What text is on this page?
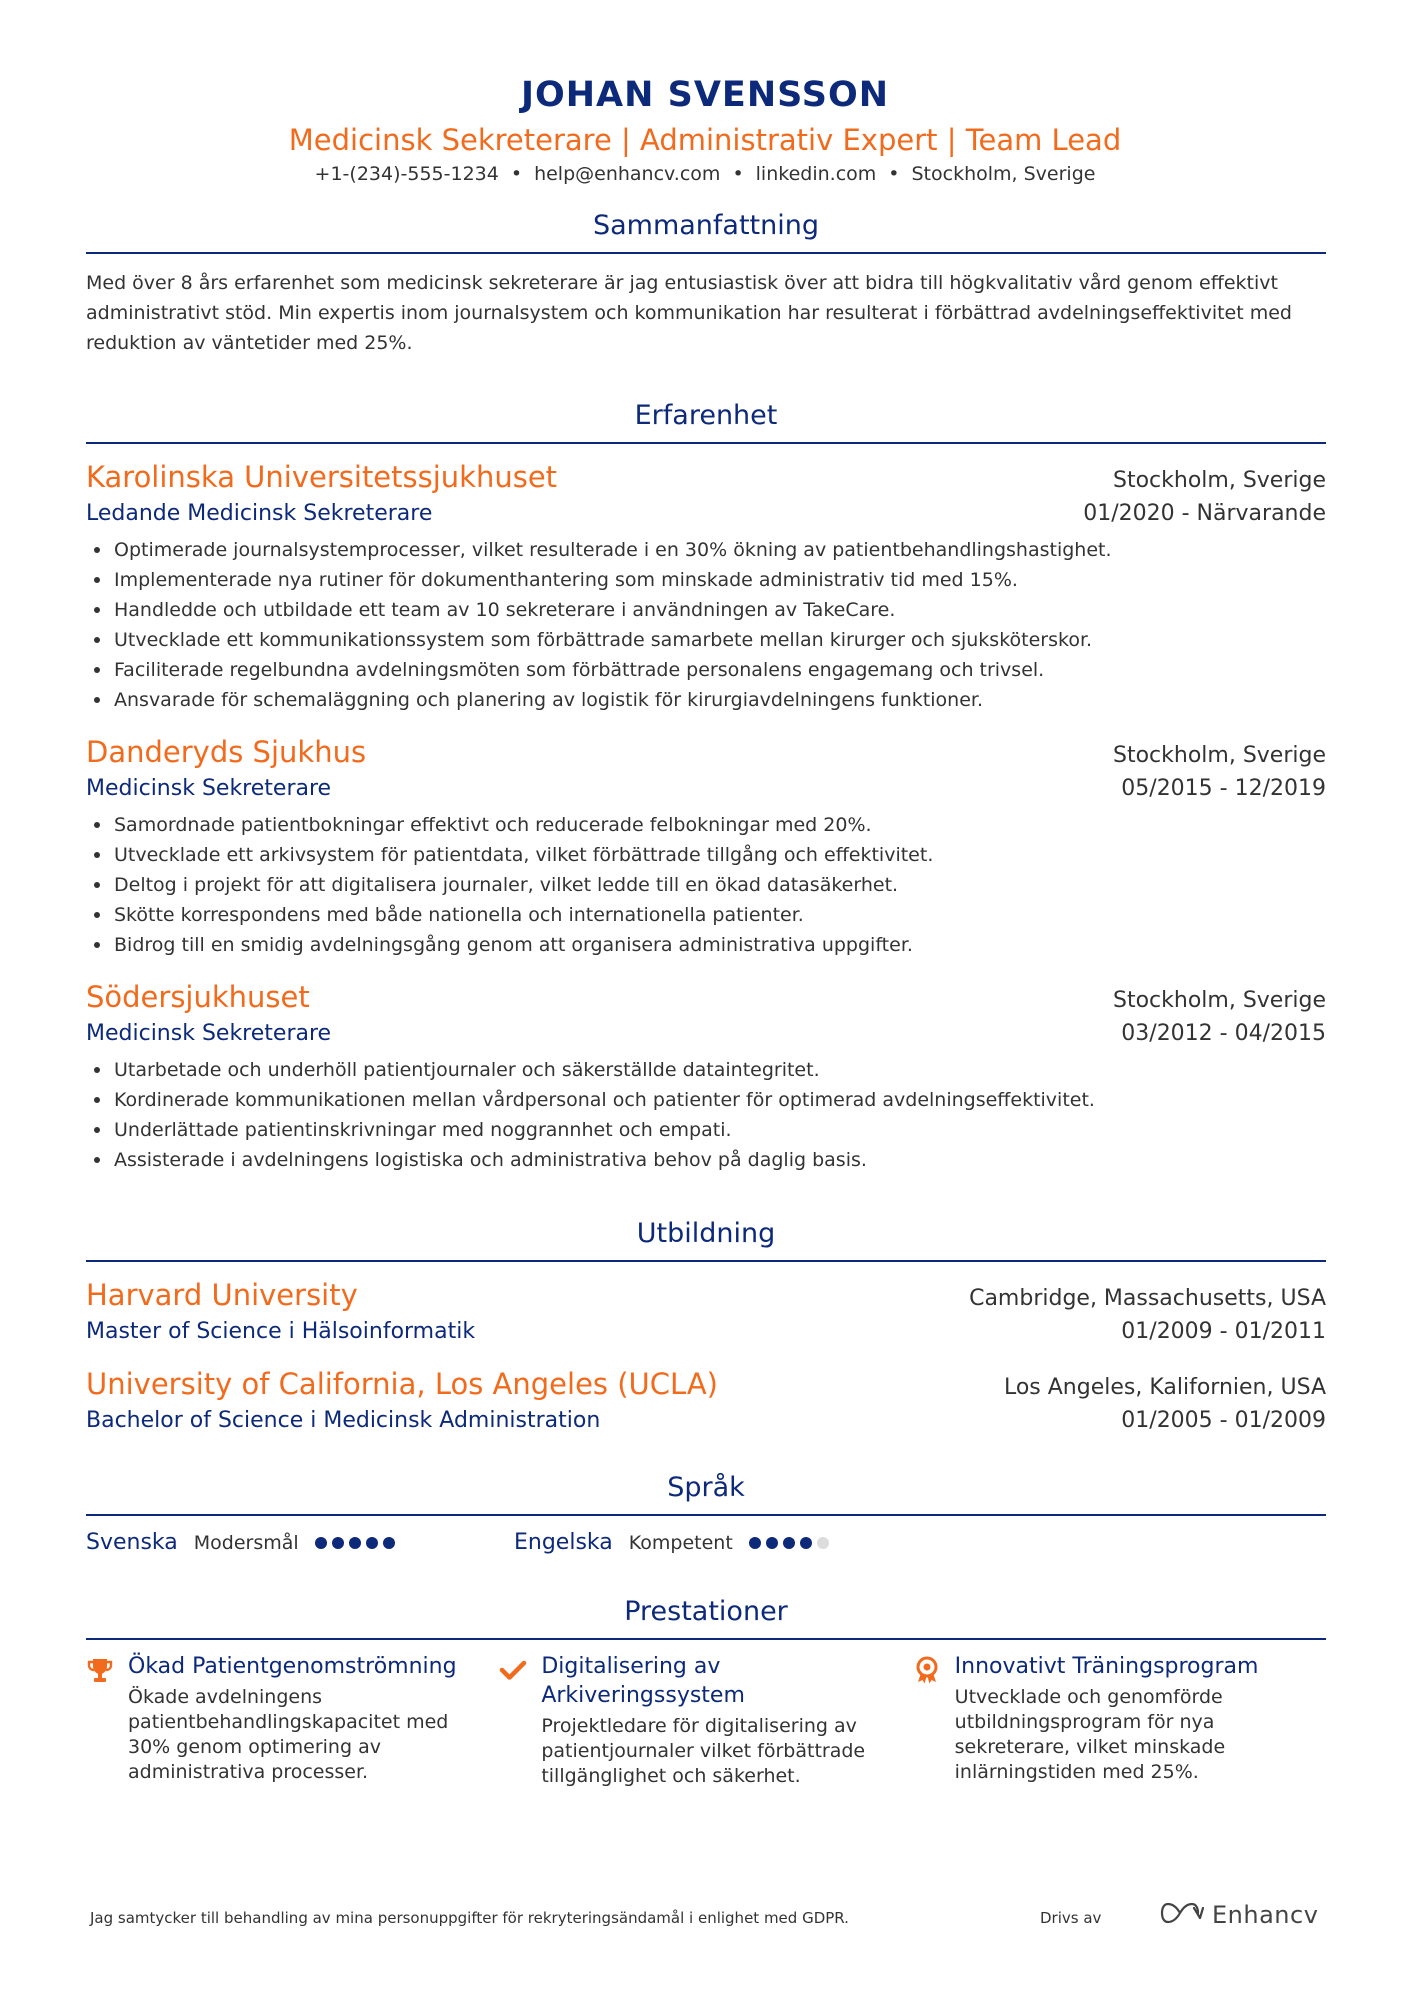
JOHAN SVENSSON
Medicinsk Sekreterare | Administrativ Expert | Team Lead
+1-(234)-555-1234 • help@enhancv.com • linkedin.com • Stockholm, Sverige
Sammanfattning
Med över 8 års erfarenhet som medicinsk sekreterare är jag entusiastisk över att bidra till högkvalitativ vård genom effektivt administrativt stöd. Min expertis inom journalsystem och kommunikation har resulterat i förbättrad avdelningseffektivitet med reduktion av väntetider med 25%.
Erfarenhet
Karolinska Universitetssjukhuset	Stockholm, Sverige
Ledande Medicinsk Sekreterare	01/2020 - Närvarande
Optimerade journalsystemprocesser, vilket resulterade i en 30% ökning av patientbehandlingshastighet.
Implementerade nya rutiner för dokumenthantering som minskade administrativ tid med 15%.
Handledde och utbildade ett team av 10 sekreterare i användningen av TakeCare.
Utvecklade ett kommunikationssystem som förbättrade samarbete mellan kirurger och sjuksköterskor.
Faciliterade regelbundna avdelningsmöten som förbättrade personalens engagemang och trivsel.
Ansvarade för schemaläggning och planering av logistik för kirurgiavdelningens funktioner.
Danderyds Sjukhus	Stockholm, Sverige
Medicinsk Sekreterare	05/2015 - 12/2019
Samordnade patientbokningar effektivt och reducerade felbokningar med 20%.
Utvecklade ett arkivsystem för patientdata, vilket förbättrade tillgång och effektivitet.
Deltog i projekt för att digitalisera journaler, vilket ledde till en ökad datasäkerhet.
Skötte korrespondens med både nationella och internationella patienter.
Bidrog till en smidig avdelningsgång genom att organisera administrativa uppgifter.
Södersjukhuset	Stockholm, Sverige
Medicinsk Sekreterare	03/2012 - 04/2015
Utarbetade och underhöll patientjournaler och säkerställde dataintegritet.
Kordinerade kommunikationen mellan vårdpersonal och patienter för optimerad avdelningseffektivitet.
Underlättade patientinskrivningar med noggrannhet och empati.
Assisterade i avdelningens logistiska och administrativa behov på daglig basis.
Utbildning
Harvard University	Cambridge, Massachusetts, USA
Master of Science i Hälsoinformatik	01/2009 - 01/2011
University of California, Los Angeles (UCLA)	Los Angeles, Kalifornien, USA
Bachelor of Science i Medicinsk Administration	01/2005 - 01/2009
Språk
Svenska Modersmål	Engelska Kompetent
Prestationer
Ökad Patientgenomströmning
Ökade avdelningens patientbehandlingskapacitet med 30% genom optimering av administrativa processer.
Digitalisering av Arkiveringssystem
Projektledare för digitalisering av patientjournaler vilket förbättrade tillgänglighet och säkerhet.
Innovativt Träningsprogram
Utvecklade och genomförde utbildningsprogram för nya sekreterare, vilket minskade inlärningstiden med 25%.
Jag samtycker till behandling av mina personuppgifter för rekryteringsändamål i enlighet med GDPR.	Drivs av	Enhancv
